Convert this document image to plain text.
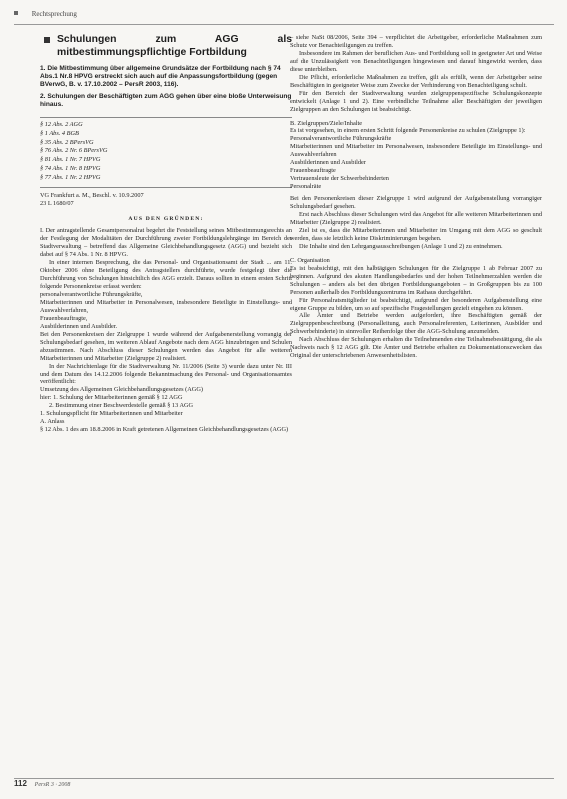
Rechtsprechung
Schulungen zum AGG als mitbestimmungspflichtige Fortbildung

1. Die Mitbestimmung über allgemeine Grundsätze der Fortbildung nach § 74 Abs.1 Nr.8 HPVG erstreckt sich auch auf die Anpassungsfortbildung (gegen BVerwG, B. v. 17.10.2002 – PersR 2003, 116).

2. Schulungen der Beschäftigten zum AGG gehen über eine bloße Unterweisung hinaus.

§ 12 Abs. 2 AGG
§ 1 Abs. 4 BGB
§ 35 Abs. 2 BPersVG
§ 76 Abs. 2 Nr. 6 BPersVG
§ 81 Abs. 1 Nr. 7 HPVG
§ 74 Abs. 1 Nr. 8 HPVG
§ 77 Abs. 1 Nr. 2 HPVG
VG Frankfurt a. M., Beschl. v. 10.9.2007
23 L 1680/07
AUS DEN GRÜNDEN:

I. Der antragstellende Gesamtpersonalrat begehrt die Feststellung seines Mitbestimmungsrechts an der Festlegung der Modalitäten der Durchführung zweier Fortbildungslehrgänge im Bereich der Stadtverwaltung – betreffend das Allgemeine Gleichbehandlungsgesetz (AGG) und bezieht sich dabei auf § 74 Abs. 1 Nr. 8 HPVG.

In einer internen Besprechung, die das Personal- und Organisationsamt der Stadt ... am 11. Oktober 2006 ohne Beteiligung des Antragstellers durchführte, wurde festgelegt über die Durchführung von Schulungen hinsichtlich des AGG erzielt. Daraus sollten in einem ersten Schritt folgende Personenkreise erfasst werden:

personalverantwortliche Führungskräfte,

Mitarbeiterinnen und Mitarbeiter in Personalwesen, insbesondere Beteiligte in Einstellungs- und Auswahlverfahren,

Frauenbeauftragte,

Ausbilderinnen und Ausbilder.

Bei den Personenkreisen der Zielgruppe 1 wurde während der Aufgabenerstellung vorrangig der Schulungsbedarf gesehen, im weiteren Ablauf Angebote nach dem AGG hinzubringen und Schulen abzustimmen. Nach Abschluss dieser Schulungen werden das Angebot für alle weiteren Mitarbeiterinnen und Mitarbeiter (Zielgruppe 2) realisiert.

In der Nachrichtenlage für die Stadtverwaltung Nr. 11/2006 (Seite 3) wurde dazu unter Nr. III und dem Datum des 14.12.2006 folgende Bekanntmachung des Personal- und Organisationsamtes veröffentlicht:

Umsetzung des Allgemeinen Gleichbehandlungsgesetzes (AGG)

hier: 1. Schulung der Mitarbeiterinnen gemäß § 12 AGG

2. Bestimmung einer Beschwerdestelle gemäß § 13 AGG

1. Schulungspflicht für Mitarbeiterinnen und Mitarbeiter

A. Anlass

§ 12 Abs. 1 des am 18.8.2006 in Kraft getretenen Allgemeinen Gleichbehandlungsgesetzes (AGG)

– siehe NaSt 08/2006, Seite 394 – verpflichtet die Arbeitgeber, erforderliche Maßnahmen zum Schutz vor Benachteiligungen zu treffen.

Insbesondere im Rahmen der beruflichen Aus- und Fortbildung soll in geeigneter Art und Weise auf die Unzulässigkeit von Benachteiligungen hingewiesen und darauf hingewirkt werden, dass diese unterbleiben.

Die Pflicht, erforderliche Maßnahmen zu treffen, gilt als erfüllt, wenn der Arbeitgeber seine Beschäftigten in geeigneter Weise zum Zwecke der Verhinderung von Benachteiligung schult.

Für den Bereich der Stadtverwaltung wurden zielgruppenspezifische Schulungskonzepte entwickelt (Anlage 1 und 2). Eine verbindliche Teilnahme aller Beschäftigten der jeweiligen Zielgruppen an den Schulungen ist beabsichtigt.

B. Zielgruppen/Ziele/Inhalte

Es ist vorgesehen, in einem ersten Schritt folgende Personenkreise zu schulen (Zielgruppe 1):

Personalverantwortliche Führungskräfte

Mitarbeiterinnen und Mitarbeiter im Personalwesen, insbesondere Beteiligte im Einstellungs- und Auswahlverfahren

Ausbilderinnen und Ausbilder

Frauenbeauftragte

Vertrauensleute der Schwerbehinderten

Personalräte

Bei den Personenkreisen dieser Zielgruppe 1 wird aufgrund der Aufgabenstellung vorrangiger Schulungsbedarf gesehen.

Erst nach Abschluss dieser Schulungen wird das Angebot für alle weiteren Mitarbeiterinnen und Mitarbeiter (Zielgruppe 2) realisiert.

Ziel ist es, dass die Mitarbeiterinnen und Mitarbeiter im Umgang mit dem AGG so geschult werden, dass sie letztlich keine Diskriminierungen begehen.

Die Inhalte sind den Lehrgangsausschreibungen (Anlage 1 und 2) zu entnehmen.

C. Organisation

Es ist beabsichtigt, mit den halbtägigen Schulungen für die Zielgruppe 1 ab Februar 2007 zu beginnen. Aufgrund des akuten Handlungsbedarfes und der hohen Teilnehmerzahlen werden die Schulungen – anders als bei den übrigen Fortbildungsangeboten – in Großgruppen bis zu 100 Personen außerhalb des Fortbildungszentrums im Rathaus durchgeführt.

Für Personalratsmitglieder ist beabsichtigt, aufgrund der besonderen Aufgabenstellung eine eigene Gruppe zu bilden, um so auf spezifische Fragestellungen gezielt eingehen zu können.

Alle Ämter und Betriebe werden aufgefordert, ihre Beschäftigten gemäß der Zielgruppenbeschreibung (Personalleitung, auch Personalreferenten, Leiterinnen, Ausbilder und Schwerbehinderte) in sinnvoller Reihenfolge über die AGG-Schulung anzumelden.

Nach Abschluss der Schulungen erhalten die Teilnehmenden eine Teilnahmebestätigung, die als Nachweis nach § 12 AGG gilt. Die Ämter und Betriebe erhalten zu Dokumentationszwecken das Original der unterschriebenen Anwesenheitslisten.

112 PersR 3 · 2008
